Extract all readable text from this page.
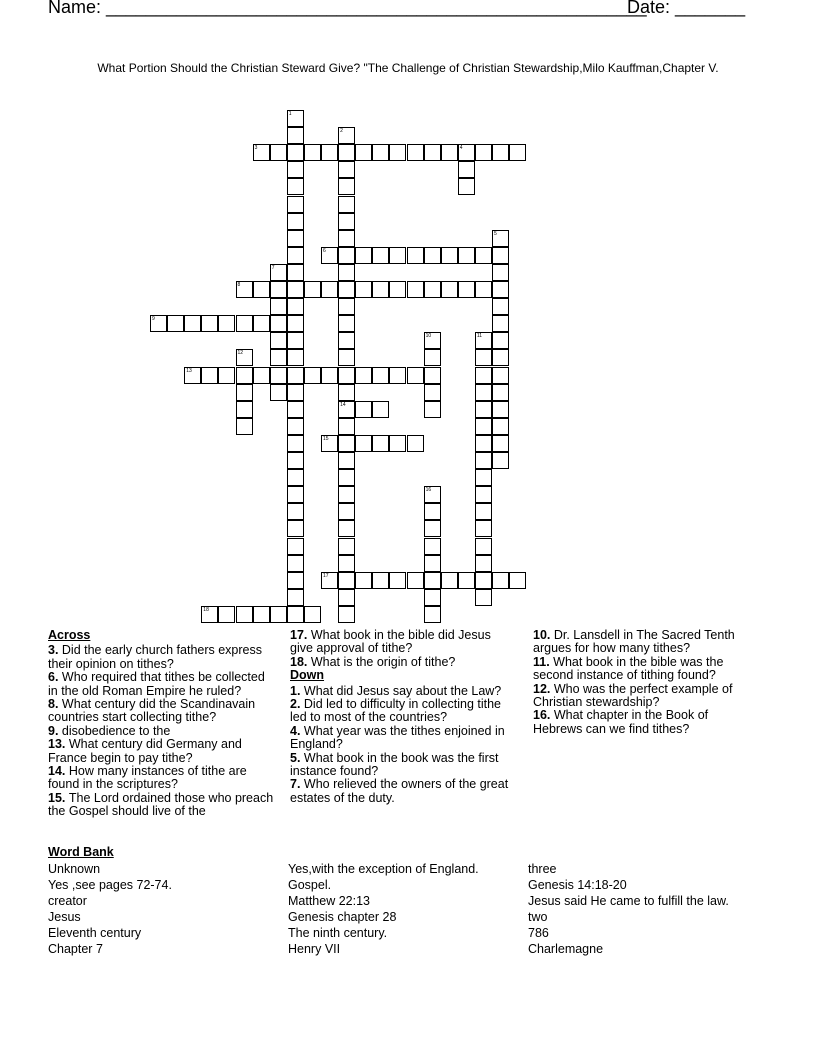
Name: ______________________________________________________
Date: _______
What Portion Should the Christian Steward Give? "The Challenge of Christian Stewardship,Milo Kauffman,Chapter V.
1
2
14
3	4
5
6
7
8
9
10	11
12
13
15
16
17
18
Across
3. Did the early church fathers express their opinion on tithes?
6. Who required that tithes be collected in the old Roman Empire he ruled?
8. What century did the Scandinavain countries start collecting tithe?
9. disobedience to the
13. What century did Germany and France begin to pay tithe?
14. How many instances of tithe are found in the scriptures?
15. The Lord ordained those who preach the Gospel should live of the
17. What book in the bible did Jesus give approval of tithe?
18. What is the origin of tithe?
Down
1. What did Jesus say about the Law?
2. Did led to difficulty in collecting tithe led to most of the countries?
4. What year was the tithes enjoined in England?
5. What book in the book was the first instance found?
7. Who relieved the owners of the great estates of the duty.
10. Dr. Lansdell in The Sacred Tenth argues for how many tithes?
11. What book in the bible was the second instance of tithing found?
12. Who was the perfect example of Christian stewardship?
16. What chapter in the Book of Hebrews can we find tithes?
Word Bank
Unknown
Yes ,see pages 72-74.
creator
Jesus
Eleventh century
Chapter 7
Yes,with the exception of England.
Gospel.
Matthew 22:13
Genesis chapter 28
The ninth century.
Henry VII
three
Genesis 14:18-20
Jesus said He came to fulfill the law.
two
786
Charlemagne
